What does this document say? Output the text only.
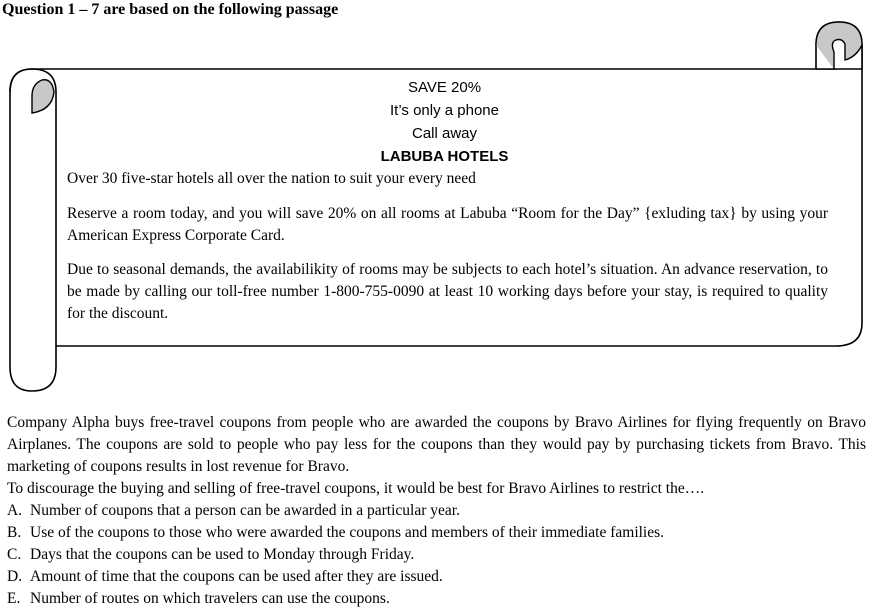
Question 1 – 7 are based on the following passage
SAVE 20%
It’s only a phone
Call away
LABUBA HOTELS
Over 30 five-star hotels all over the nation to suit your every need
Reserve a room today, and you will save 20% on all rooms at Labuba “Room for the Day” {exluding tax} by using your American Express Corporate Card.
Due to seasonal demands, the availabilikity of rooms may be subjects to each hotel’s situation. An advance reservation, to be made by calling our toll-free number 1-800-755-0090 at least 10 working days before your stay, is required to quality for the discount.
Company Alpha buys free-travel coupons from people who are awarded the coupons by Bravo Airlines for flying frequently on Bravo Airplanes. The coupons are sold to people who pay less for the coupons than they would pay by purchasing tickets from Bravo. This marketing of coupons results in lost revenue for Bravo.
To discourage the buying and selling of free-travel coupons, it would be best for Bravo Airlines to restrict the….
A. Number of coupons that a person can be awarded in a particular year.
B. Use of the coupons to those who were awarded the coupons and members of their immediate families.
C. Days that the coupons can be used to Monday through Friday.
D. Amount of time that the coupons can be used after they are issued.
E. Number of routes on which travelers can use the coupons.
